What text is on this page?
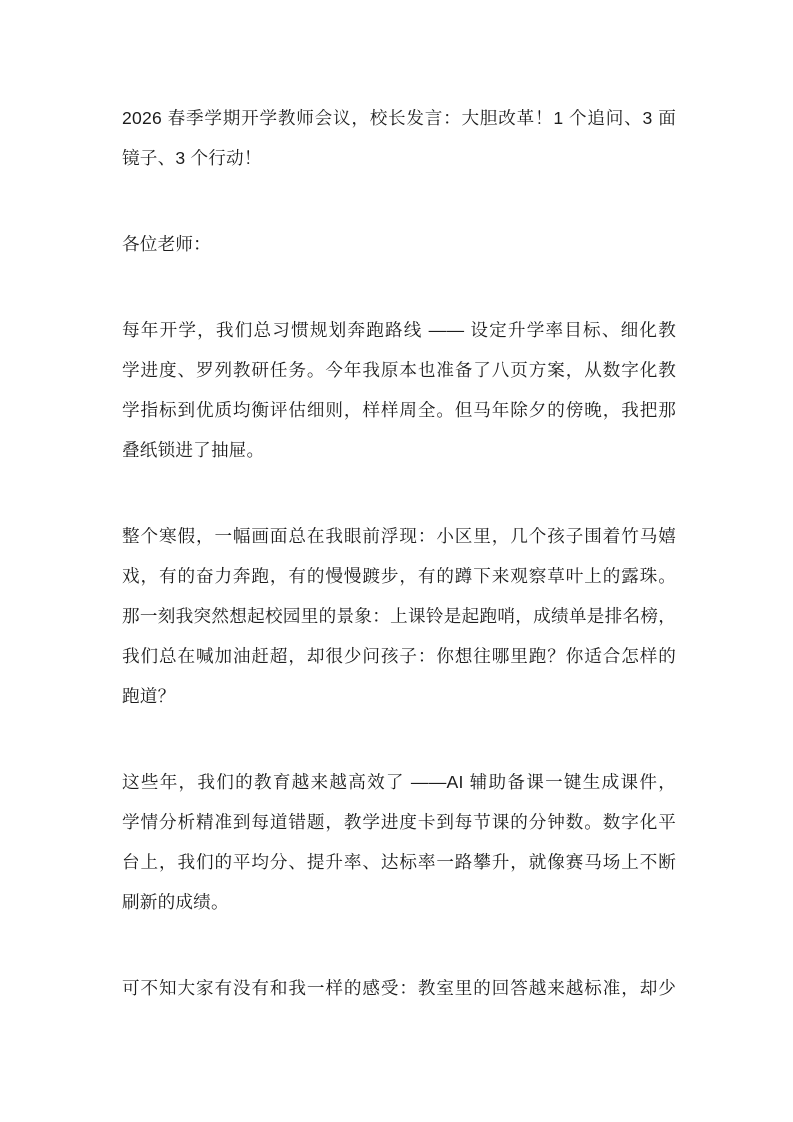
2026 春季学期开学教师会议，校长发言：大胆改革！1 个追问、3 面
镜子、3 个行动！
各位老师：
每年开学，我们总习惯规划奔跑路线 —— 设定升学率目标、细化教
学进度、罗列教研任务。今年我原本也准备了八页方案，从数字化教
学指标到优质均衡评估细则，样样周全。但马年除夕的傍晚，我把那
叠纸锁进了抽屉。
整个寒假，一幅画面总在我眼前浮现：小区里，几个孩子围着竹马嬉
戏，有的奋力奔跑，有的慢慢踱步，有的蹲下来观察草叶上的露珠。
那一刻我突然想起校园里的景象：上课铃是起跑哨，成绩单是排名榜，
我们总在喊加油赶超，却很少问孩子：你想往哪里跑？你适合怎样的
跑道？
这些年，我们的教育越来越高效了 ——AI 辅助备课一键生成课件，
学情分析精准到每道错题，教学进度卡到每节课的分钟数。数字化平
台上，我们的平均分、提升率、达标率一路攀升，就像赛马场上不断
刷新的成绩。
可不知大家有没有和我一样的感受：教室里的回答越来越标准，却少
